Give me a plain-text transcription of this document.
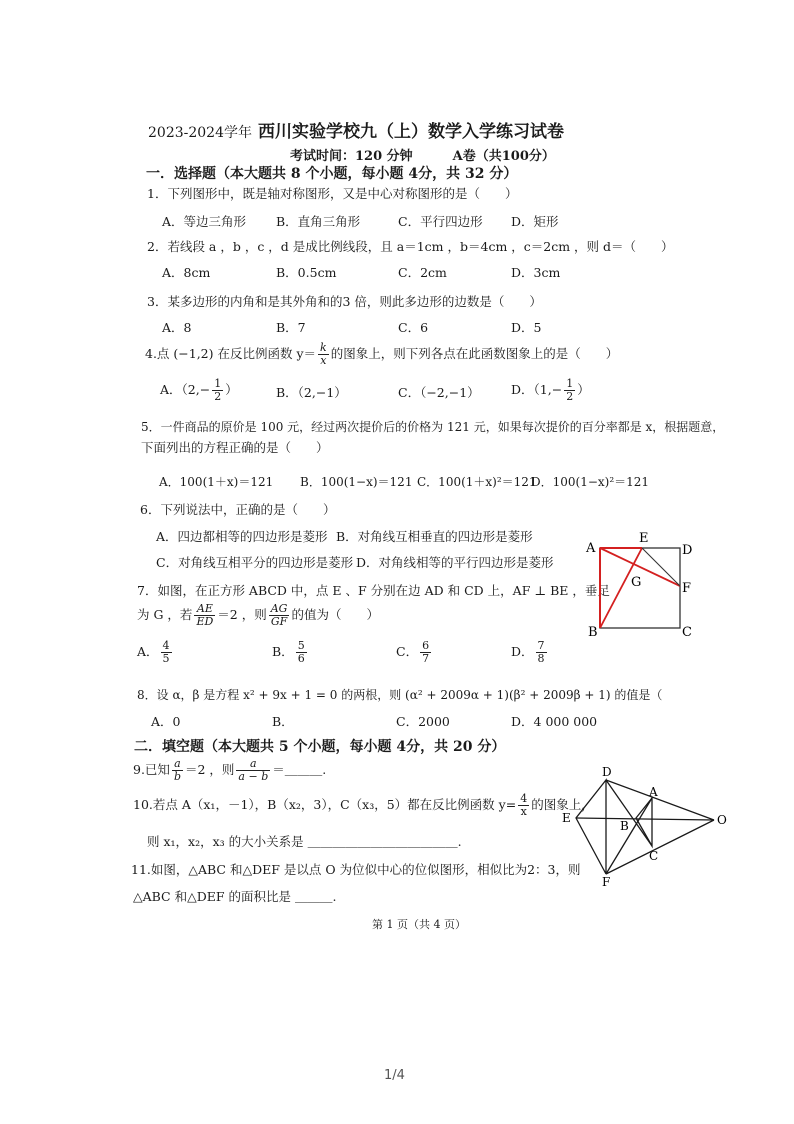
2023-2024学年 西川实验学校九（上）数学入学练习试卷
考试时间：120 分钟	A卷（共100分）
一．选择题（本大题共 8 个小题，每小题 4分，共 32 分）
1．下列图形中，既是轴对称图形，又是中心对称图形的是（　　）
A．等边三角形 B．直角三角形	C．平行四边形 D．矩形
2．若线段 a ，b ，c ，d 是成比例线段，且 a＝1cm ，b＝4cm ，c＝2cm ，则 d＝（　　）
A．8cm	B．0.5cm	C．2cm	D．3cm
3．某多边形的内角和是其外角和的3 倍，则此多边形的边数是（　　）
A．8	B．7	C．6	D．5
4.点 (−1,2) 在反比例函数 $y= \frac{k}{x}$ 的图象上，则下列各点在此函数图象上的是（　　）
A．（$2,- \frac{1}{2}$ ）	B．（2,−1）	C．（−2,−1）	D．（$1,- \frac{1}{2}$ ）
5．一件商品的原价是 100 元，经过两次提价后的价格为 121 元，如果每次提价的百分率都是 x，根据题意，
下面列出的方程正确的是（　　）
A．100(1＋x)＝121 B．100(1−x)＝121 C．100(1＋x)²＝121
D．100(1−x)²＝121
6．下列说法中，正确的是（　　）
A．四边都相等的四边形是菱形 B．对角线互相垂直的四边形是菱形
C．对角线互相平分的四边形是菱形 D．对角线相等的平行四边形是菱形
7．如图，在正方形 ABCD 中，点 E 、F 分别在边 AD 和 CD 上，AF ⊥ BE ，垂足
为 G ，若 $\frac{AE}{ED} =2$ ，则 $\frac{AG}{GF}$ 的值为（　　）
A． $\frac{4}{5}$	B． $\frac{5}{6}$	C． $\frac{6}{7}$	D． $\frac{7}{8}$
A
B	C
D
E
F
G
8．设 α，β 是方程 x² + 9x + 1 = 0 的两根，则 (α² + 2009α + 1)(β² + 2009β + 1) 的值是（
A．0	B．	C．2000	D．4 000 000
二．填空题（本大题共 5 个小题，每小题 4分，共 20 分）
9.已知 $\frac{a}{b} =2$ ，则 $\frac{a}{a - b}$ ＝＿＿＿.
10.若点 A（x₁，－1），B（x₂，3），C（x₃，5）都在反比例函数 $y= \frac{4}{x}$ 的图象上，
则 x₁，x₂，x₃ 的大小关系是 ＿＿＿＿＿＿＿＿＿＿＿＿.
11.如图，△ABC 和△DEF 是以点 O 为位似中心的位似图形，相似比为2：3，则
△ABC 和△DEF 的面积比是 ＿＿＿.
D
E
F
A
B
C
O
第 1 页（共 4 页）
1/4
